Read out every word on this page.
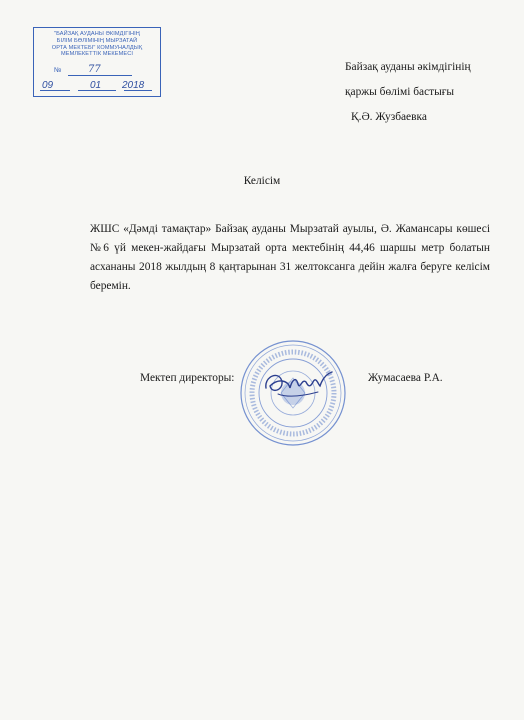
"БАЙЗАҚ АУДАНЫ ӘКІМДІГІНІҢ
БІЛІМ БӨЛІМІНІҢ МЫРЗАТАЙ
ОРТА МЕКТЕБІ" КОММУНАЛДЫҚ
МЕМЛЕКЕТТІК МЕКЕМЕСІ
№	77
09	01 2018
Байзақ ауданы әкімдігінің
қаржы бөлімі бастығы
Қ.Ә. Жузбаевка
Келісім
ЖШС «Дәмді тамақтар» Байзақ ауданы Мырзатай ауылы, Ә. Жамансары көшесі №6 үй мекен-жайдағы Мырзатай орта мектебінің 44,46 шаршы метр болатын асхананы 2018 жылдың 8 қаңтарынан 31 желтоксанга дейін жалға беруге келісім беремін.
Мектеп директоры:	Жумасаева Р.А.
